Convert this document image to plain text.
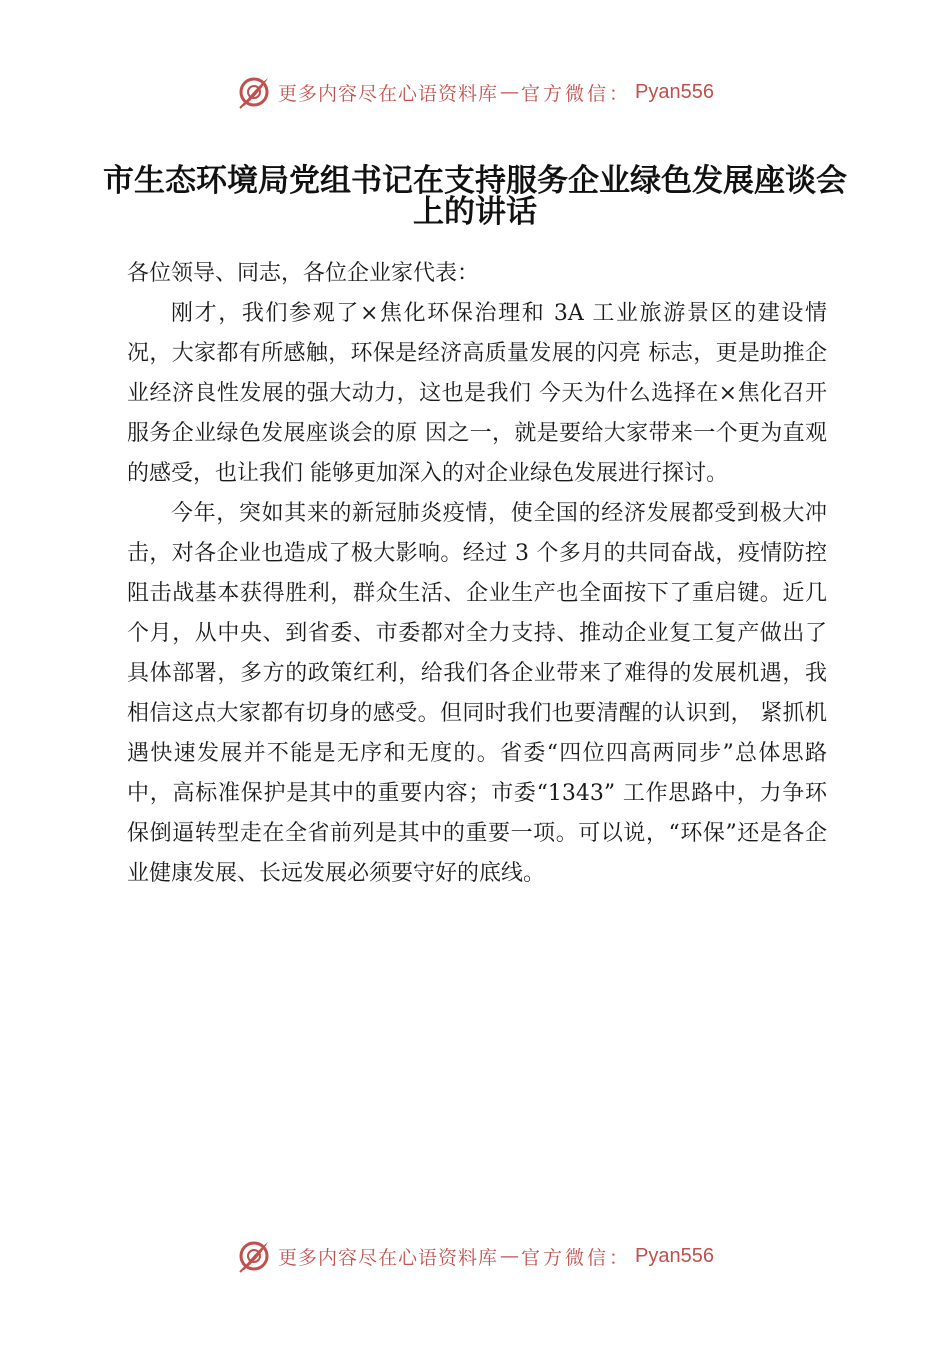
更多内容尽在心语资料库 — 官方微信： Pyan556
市生态环境局党组书记在支持服务企业绿色发展座谈会上的讲话

各位领导、同志，各位企业家代表：

刚才，我们参观了×焦化环保治理和 3A 工业旅游景区的建设情况，大家都有所感触，环保是经济高质量发展的闪亮 标志，更是助推企业经济良性发展的强大动力，这也是我们 今天为什么选择在×焦化召开服务企业绿色发展座谈会的原 因之一，就是要给大家带来一个更为直观的感受，也让我们 能够更加深入的对企业绿色发展进行探讨。

今年，突如其来的新冠肺炎疫情，使全国的经济发展都受到极大冲击，对各企业也造成了极大影响。经过 3 个多月的共同奋战，疫情防控阻击战基本获得胜利，群众生活、企业生产也全面按下了重启键。近几个月，从中央、到省委、市委都对全力支持、推动企业复工复产做出了具体部署，多方的政策红利，给我们各企业带来了难得的发展机遇，我相信这点大家都有切身的感受。但同时我们也要清醒的认识到， 紧抓机遇快速发展并不能是无序和无度的。省委“四位四高两同步”总体思路中，高标准保护是其中的重要内容；市委“1343” 工作思路中，力争环保倒逼转型走在全省前列是其中的重要一项。可以说，“环保”还是各企业健康发展、长远发展必须要守好的底线。

更多内容尽在心语资料库 — 官方微信： Pyan556
